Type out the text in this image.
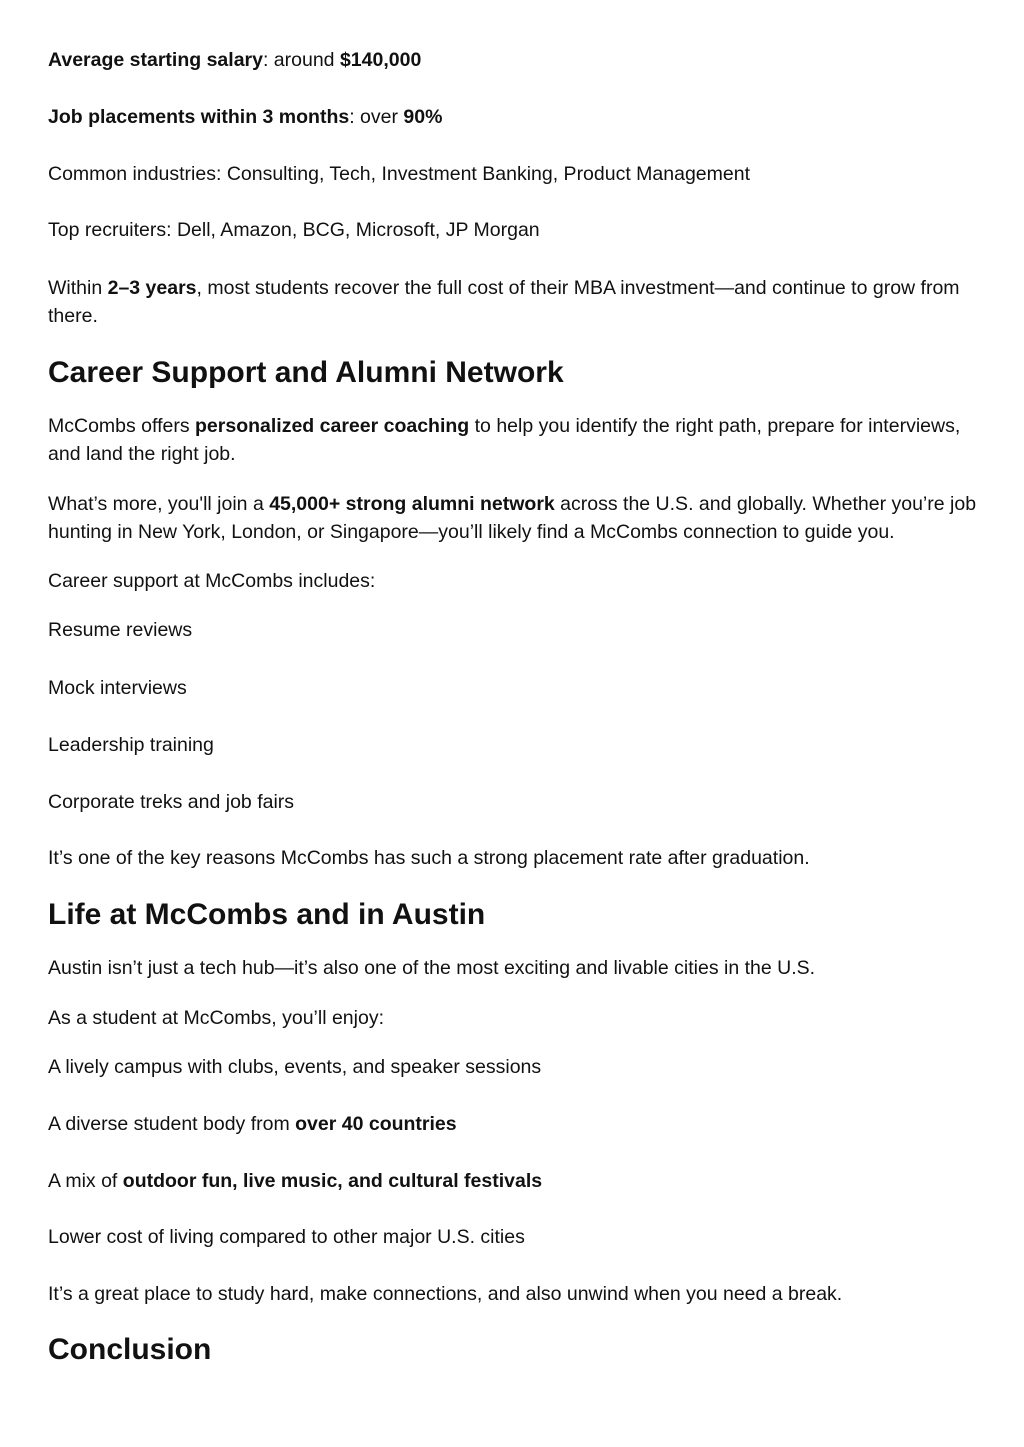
Average starting salary: around $140,000

Job placements within 3 months: over 90%

Common industries: Consulting, Tech, Investment Banking, Product Management

Top recruiters: Dell, Amazon, BCG, Microsoft, JP Morgan

Within 2–3 years, most students recover the full cost of their MBA investment—and continue to grow from there.

Career Support and Alumni Network

McCombs offers personalized career coaching to help you identify the right path, prepare for interviews, and land the right job.

What’s more, you'll join a 45,000+ strong alumni network across the U.S. and globally. Whether you’re job hunting in New York, London, or Singapore—you’ll likely find a McCombs connection to guide you.

Career support at McCombs includes:

Resume reviews

Mock interviews

Leadership training

Corporate treks and job fairs

It’s one of the key reasons McCombs has such a strong placement rate after graduation.

Life at McCombs and in Austin

Austin isn’t just a tech hub—it’s also one of the most exciting and livable cities in the U.S.

As a student at McCombs, you’ll enjoy:

A lively campus with clubs, events, and speaker sessions

A diverse student body from over 40 countries

A mix of outdoor fun, live music, and cultural festivals

Lower cost of living compared to other major U.S. cities

It’s a great place to study hard, make connections, and also unwind when you need a break.

Conclusion
